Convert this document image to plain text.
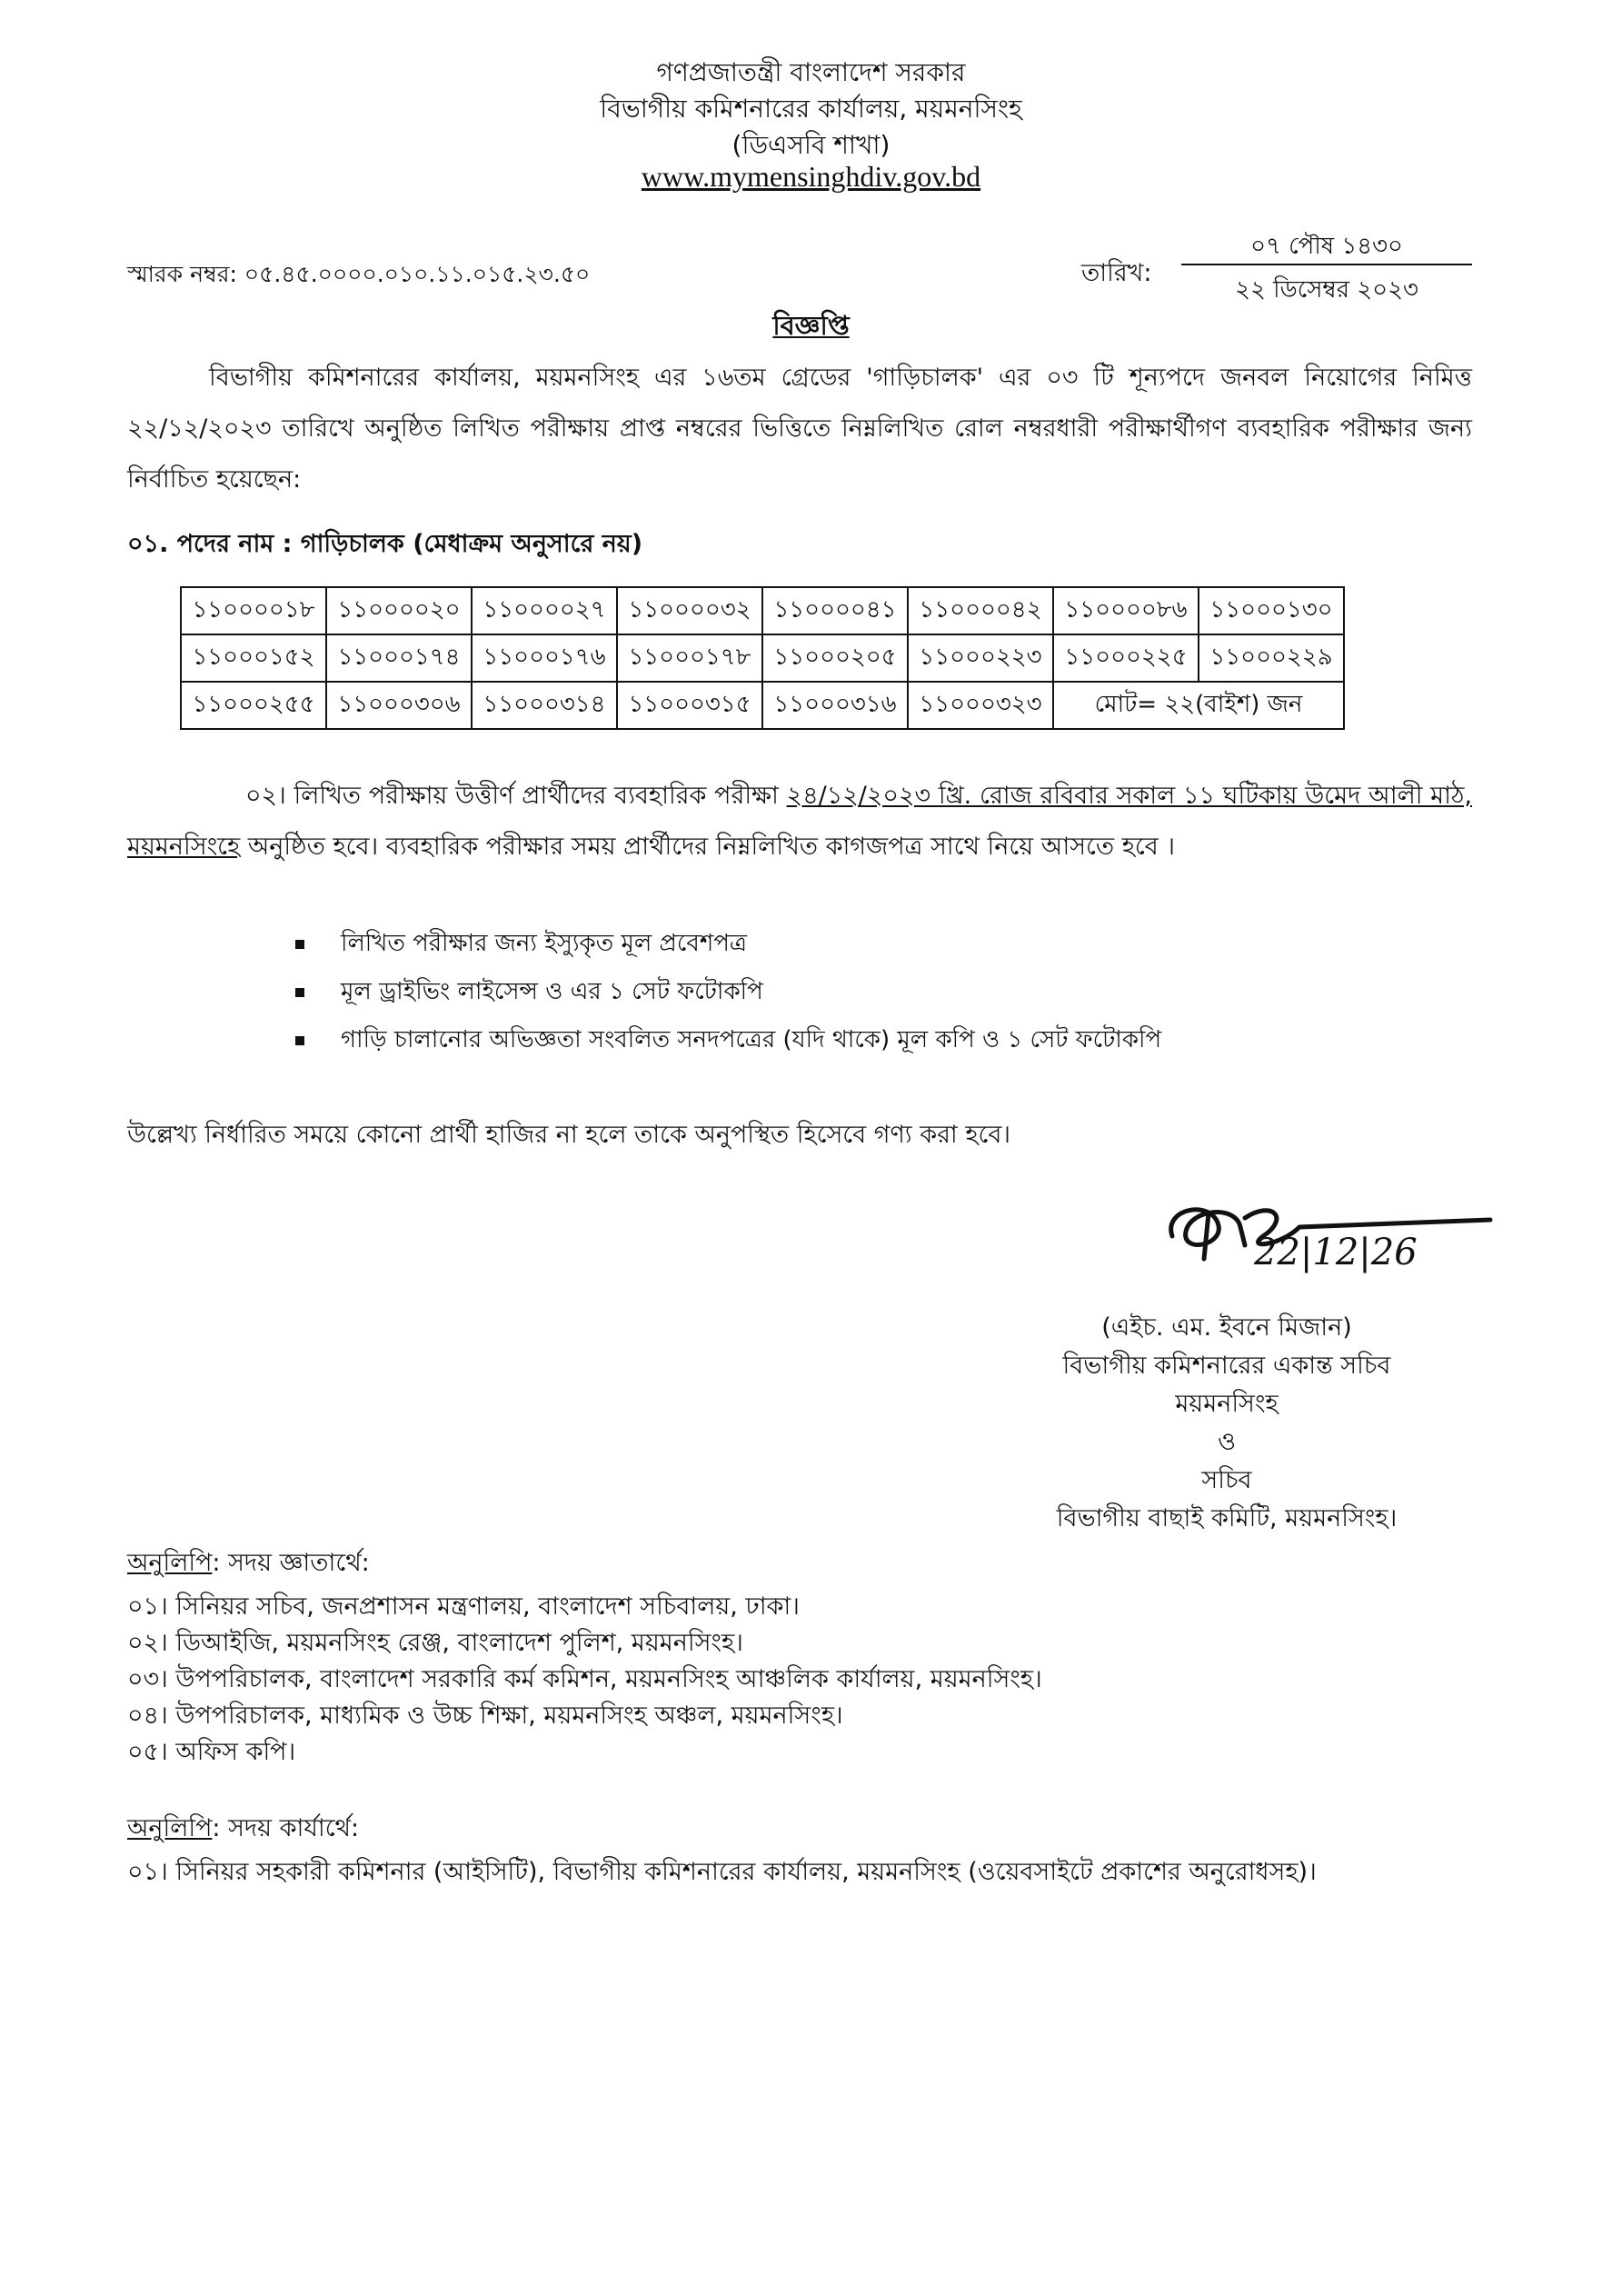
গণপ্রজাতন্ত্রী বাংলাদেশ সরকার
বিভাগীয় কমিশনারের কার্যালয়, ময়মনসিংহ
(ডিএসবি শাখা)
www.mymensinghdiv.gov.bd
স্মারক নম্বর: ০৫.৪৫.০০০০.০১০.১১.০১৫.২৩.৫০	তারিখ:
০৭ পৌষ ১৪৩০
২২ ডিসেম্বর ২০২৩
বিজ্ঞপ্তি
বিভাগীয় কমিশনারের কার্যালয়, ময়মনসিংহ এর ১৬তম গ্রেডের 'গাড়িচালক' এর ০৩ টি শূন্যপদে জনবল নিয়োগের নিমিত্ত ২২/১২/২০২৩ তারিখে অনুষ্ঠিত লিখিত পরীক্ষায় প্রাপ্ত নম্বরের ভিত্তিতে নিম্নলিখিত রোল নম্বরধারী পরীক্ষার্থীগণ ব্যবহারিক পরীক্ষার জন্য নির্বাচিত হয়েছেন:
০১. পদের নাম : গাড়িচালক (মেধাক্রম অনুসারে নয়)
১১০০০০১৮	১১০০০০২০	১১০০০০২৭	১১০০০০৩২	১১০০০০৪১	১১০০০০৪২	১১০০০০৮৬	১১০০০১৩০
১১০০০১৫২	১১০০০১৭৪	১১০০০১৭৬	১১০০০১৭৮	১১০০০২০৫	১১০০০২২৩	১১০০০২২৫	১১০০০২২৯
১১০০০২৫৫	১১০০০৩০৬	১১০০০৩১৪	১১০০০৩১৫	১১০০০৩১৬	১১০০০৩২৩	মোট= ২২(বাইশ) জন	
০২। লিখিত পরীক্ষায় উত্তীর্ণ প্রার্থীদের ব্যবহারিক পরীক্ষা ২৪/১২/২০২৩ খ্রি. রোজ রবিবার সকাল ১১ ঘটিকায় উমেদ আলী মাঠ, ময়মনসিংহে অনুষ্ঠিত হবে। ব্যবহারিক পরীক্ষার সময় প্রার্থীদের নিম্নলিখিত কাগজপত্র সাথে নিয়ে আসতে হবে ।
লিখিত পরীক্ষার জন্য ইস্যুকৃত মূল প্রবেশপত্র
মূল ড্রাইভিং লাইসেন্স ও এর ১ সেট ফটোকপি
গাড়ি চালানোর অভিজ্ঞতা সংবলিত সনদপত্রের (যদি থাকে) মূল কপি ও ১ সেট ফটোকপি
উল্লেখ্য নির্ধারিত সময়ে কোনো প্রার্থী হাজির না হলে তাকে অনুপস্থিত হিসেবে গণ্য করা হবে।
22|12|26
(এইচ. এম. ইবনে মিজান)
বিভাগীয় কমিশনারের একান্ত সচিব
ময়মনসিংহ
ও
সচিব
বিভাগীয় বাছাই কমিটি, ময়মনসিংহ।
অনুলিপি: সদয় জ্ঞাতার্থে:
০১। সিনিয়র সচিব, জনপ্রশাসন মন্ত্রণালয়, বাংলাদেশ সচিবালয়, ঢাকা।
০২। ডিআইজি, ময়মনসিংহ রেঞ্জ, বাংলাদেশ পুলিশ, ময়মনসিংহ।
০৩। উপপরিচালক, বাংলাদেশ সরকারি কর্ম কমিশন, ময়মনসিংহ আঞ্চলিক কার্যালয়, ময়মনসিংহ।
০৪। উপপরিচালক, মাধ্যমিক ও উচ্চ শিক্ষা, ময়মনসিংহ অঞ্চল, ময়মনসিংহ।
০৫। অফিস কপি।
অনুলিপি: সদয় কার্যার্থে:
০১। সিনিয়র সহকারী কমিশনার (আইসিটি), বিভাগীয় কমিশনারের কার্যালয়, ময়মনসিংহ (ওয়েবসাইটে প্রকাশের অনুরোধসহ)।
